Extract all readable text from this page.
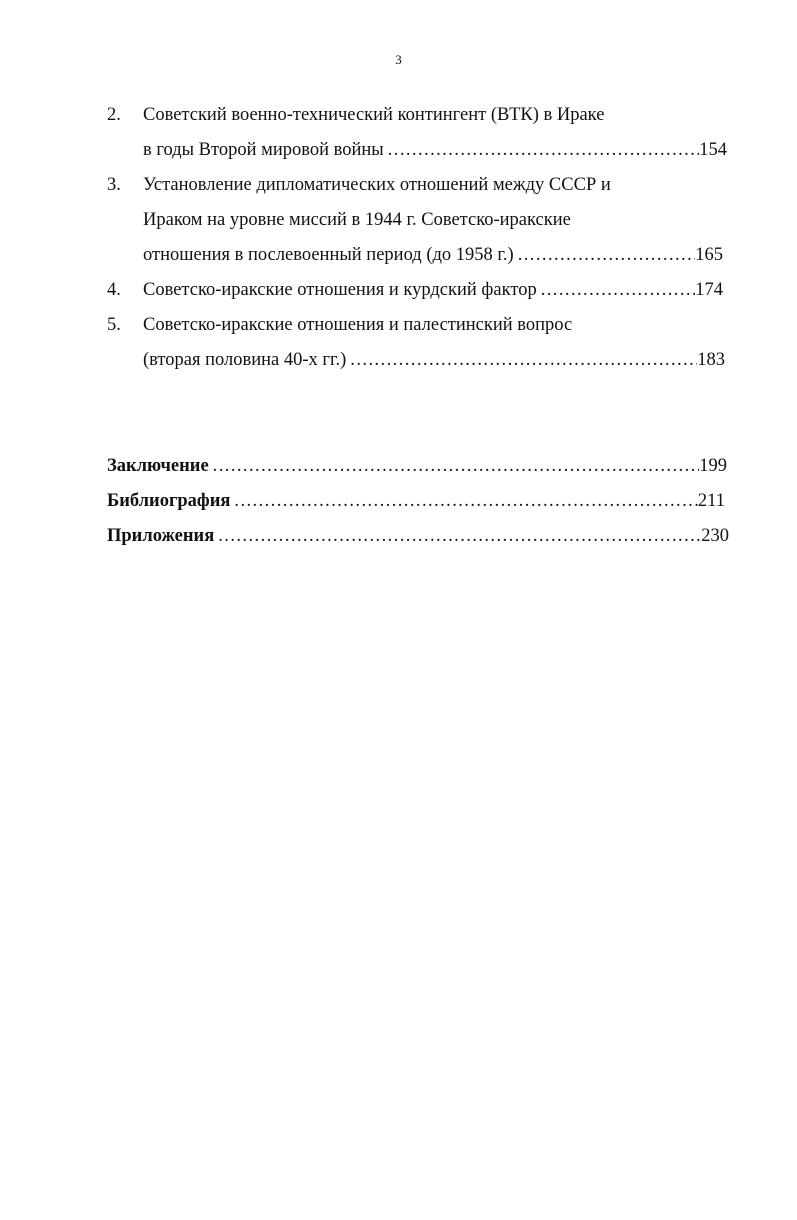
3
2. Советский военно-технический контингент (ВТК) в Ираке
в годы Второй мировой войны . . .	154
3. Установление дипломатических отношений между СССР и
Ираком на уровне миссий в 1944 г. Советско-иракские
отношения в послевоенный период (до 1958 г.) . . .	165
4. Советско-иракские отношения и курдский фактор . . .	174
5. Советско-иракские отношения и палестинский вопрос
(вторая половина 40-х гг.) . . .	183
Заключение . . .	199
Библиография . . .	211
Приложения . . .	230
